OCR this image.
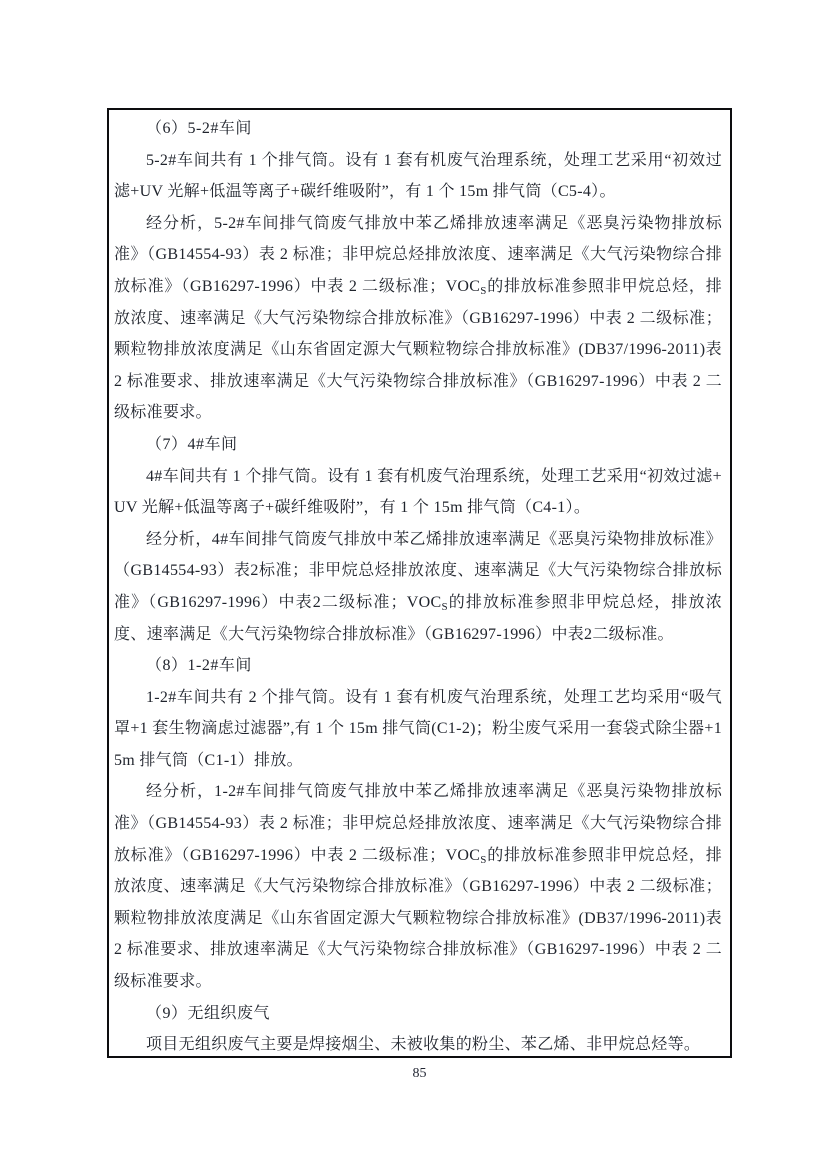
（6）5-2#车间

5-2#车间共有 1 个排气筒。设有 1 套有机废气治理系统，处理工艺采用“初效过滤+UV 光解+低温等离子+碳纤维吸附”，有 1 个 15m 排气筒（C5-4）。

经分析，5-2#车间排气筒废气排放中苯乙烯排放速率满足《恶臭污染物排放标准》（GB14554-93）表 2 标准；非甲烷总烃排放浓度、速率满足《大气污染物综合排放标准》（GB16297-1996）中表 2 二级标准；$VOC_S$的排放标准参照非甲烷总烃，排放浓度、速率满足《大气污染物综合排放标准》（GB16297-1996）中表 2 二级标准；颗粒物排放浓度满足《山东省固定源大气颗粒物综合排放标准》(DB37/1996-2011)表 2 标准要求、排放速率满足《大气污染物综合排放标准》（GB16297-1996）中表 2 二级标准要求。

（7）4#车间

4#车间共有 1 个排气筒。设有 1 套有机废气治理系统，处理工艺采用“初效过滤+UV 光解+低温等离子+碳纤维吸附”，有 1 个 15m 排气筒（C4-1）。

经分析，4#车间排气筒废气排放中苯乙烯排放速率满足《恶臭污染物排放标准》（GB14554-93）表2标准；非甲烷总烃排放浓度、速率满足《大气污染物综合排放标准》（GB16297-1996）中表2二级标准；$VOC_S$的排放标准参照非甲烷总烃，排放浓度、速率满足《大气污染物综合排放标准》（GB16297-1996）中表2二级标准。

（8）1-2#车间

1-2#车间共有 2 个排气筒。设有 1 套有机废气治理系统，处理工艺均采用“吸气罩+1 套生物滴虑过滤器”,有 1 个 15m 排气筒(C1-2)；粉尘废气采用一套袋式除尘器+15m 排气筒（C1-1）排放。

经分析，1-2#车间排气筒废气排放中苯乙烯排放速率满足《恶臭污染物排放标准》（GB14554-93）表 2 标准；非甲烷总烃排放浓度、速率满足《大气污染物综合排放标准》（GB16297-1996）中表 2 二级标准；$VOC_S$的排放标准参照非甲烷总烃，排放浓度、速率满足《大气污染物综合排放标准》（GB16297-1996）中表 2 二级标准；颗粒物排放浓度满足《山东省固定源大气颗粒物综合排放标准》(DB37/1996-2011)表 2 标准要求、排放速率满足《大气污染物综合排放标准》（GB16297-1996）中表 2 二级标准要求。

（9）无组织废气

项目无组织废气主要是焊接烟尘、未被收集的粉尘、苯乙烯、非甲烷总烃等。

85
